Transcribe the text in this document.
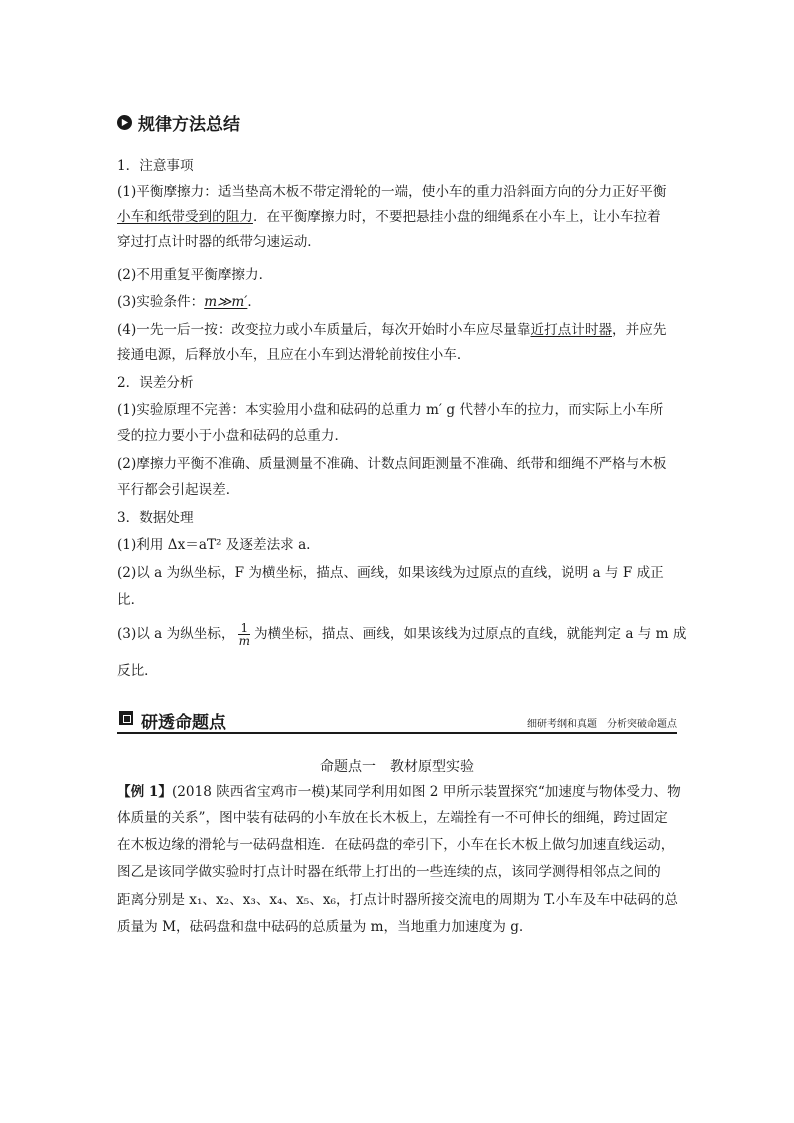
规律方法总结
1．注意事项
(1)平衡摩擦力：适当垫高木板不带定滑轮的一端，使小车的重力沿斜面方向的分力正好平衡
小车和纸带受到的阻力．在平衡摩擦力时，不要把悬挂小盘的细绳系在小车上，让小车拉着
穿过打点计时器的纸带匀速运动．
(2)不用重复平衡摩擦力．
(3)实验条件：m≫m′．
(4)一先一后一按：改变拉力或小车质量后，每次开始时小车应尽量靠近打点计时器，并应先
接通电源，后释放小车，且应在小车到达滑轮前按住小车．
2．误差分析
(1)实验原理不完善：本实验用小盘和砝码的总重力 m′ g 代替小车的拉力，而实际上小车所
受的拉力要小于小盘和砝码的总重力．
(2)摩擦力平衡不准确、质量测量不准确、计数点间距测量不准确、纸带和细绳不严格与木板
平行都会引起误差．
3．数据处理
(1)利用 Δx＝aT² 及逐差法求 a.
(2)以 a 为纵坐标，F 为横坐标，描点、画线，如果该线为过原点的直线，说明 a 与 F 成正
比．
(3)以 a 为纵坐标， $\frac{1}{m}$ 为横坐标，描点、画线，如果该线为过原点的直线，就能判定 a 与 m 成
反比．
研透命题点	细研考纲和真题　分析突破命题点
命题点一　教材原型实验
【例 1】(2018 陕西省宝鸡市一模)某同学利用如图 2 甲所示装置探究“加速度与物体受力、物
体质量的关系”，图中装有砝码的小车放在长木板上，左端拴有一不可伸长的细绳，跨过固定
在木板边缘的滑轮与一砝码盘相连．在砝码盘的牵引下，小车在长木板上做匀加速直线运动，
图乙是该同学做实验时打点计时器在纸带上打出的一些连续的点，该同学测得相邻点之间的
距离分别是 x₁、x₂、x₃、x₄、x₅、x₆，打点计时器所接交流电的周期为 T.小车及车中砝码的总
质量为 M，砝码盘和盘中砝码的总质量为 m，当地重力加速度为 g.
